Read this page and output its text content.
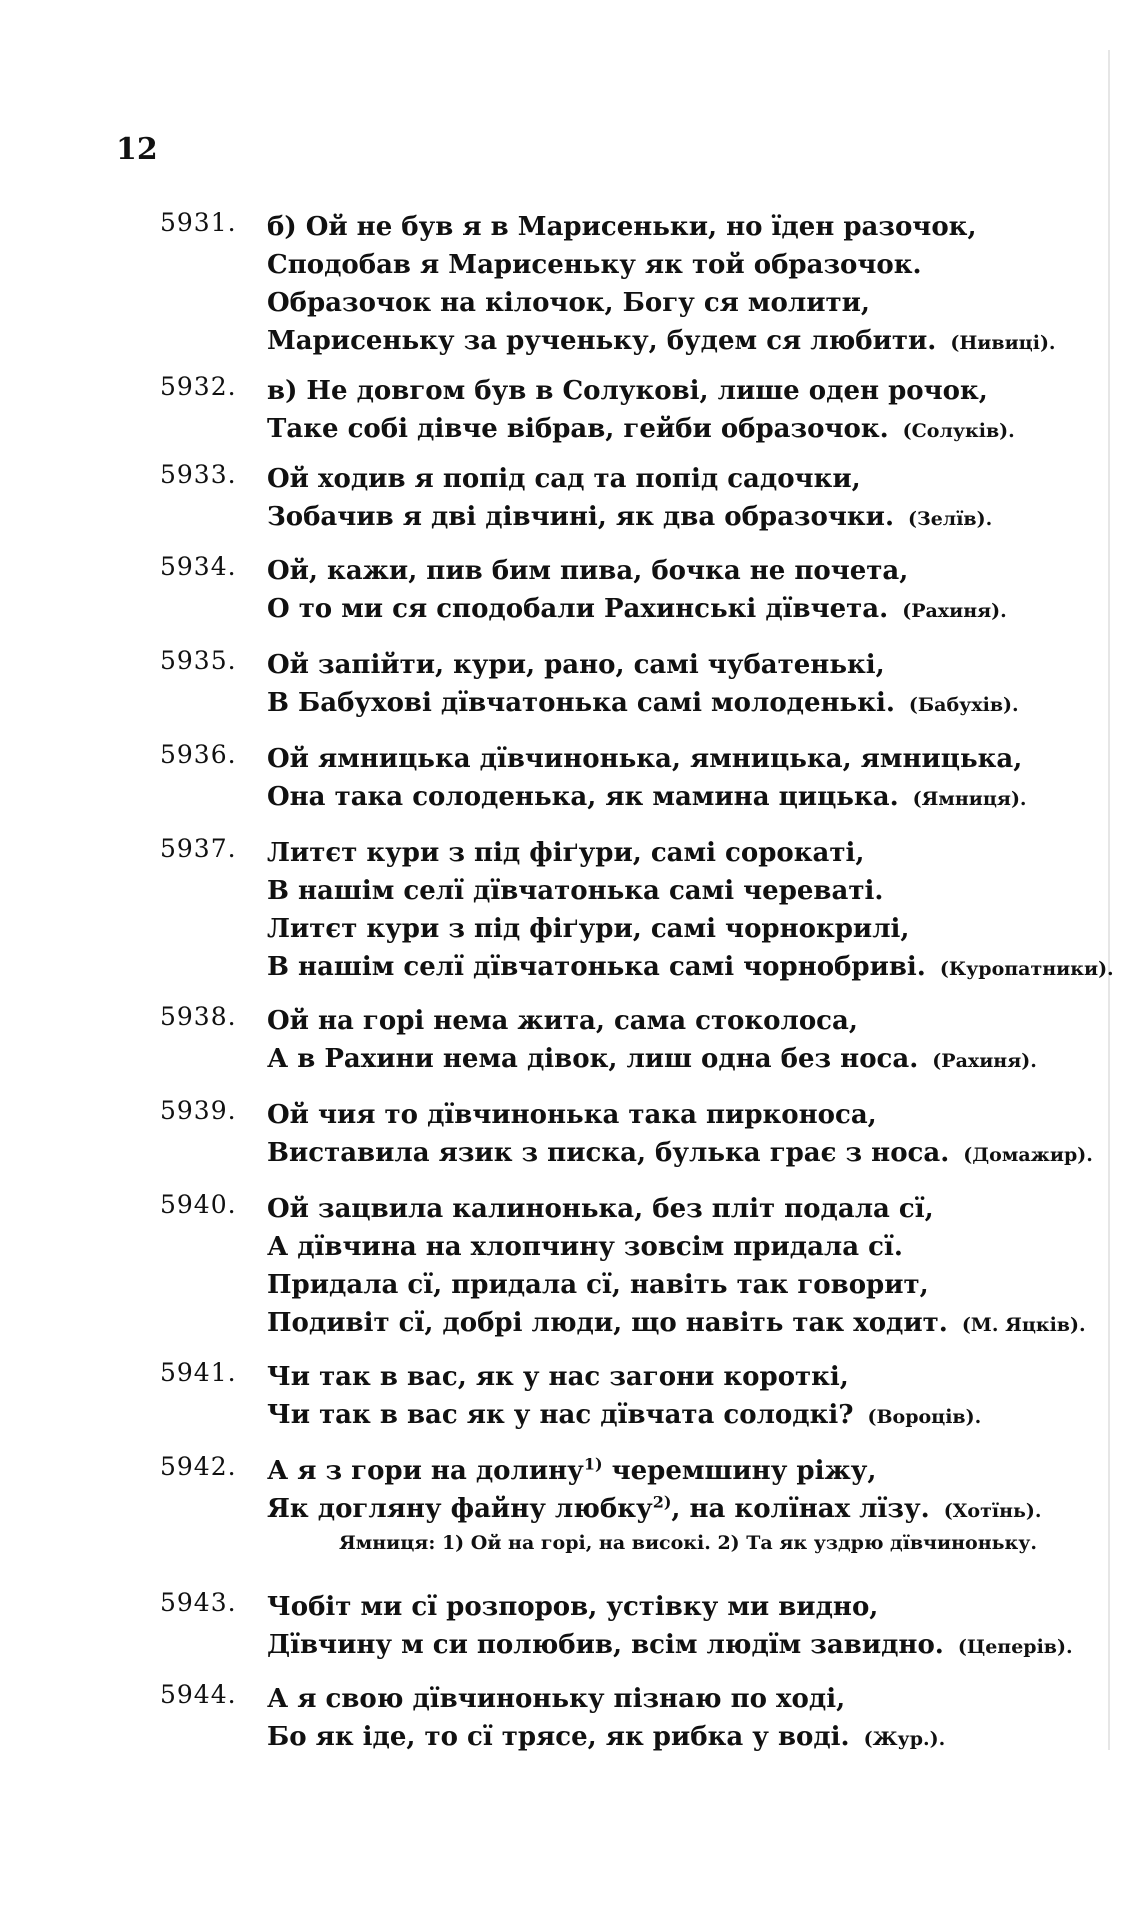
12
5931. б) Ой не був я в Марисеньки, но їден разочок,
Сподобав я Марисеньку як той образочок.
Образочок на кілочок, Богу ся молити,
Марисеньку за рученьку, будем ся любити. (Нивиці).
5932. в) Не довгом був в Солукові, лише оден рочок,
Таке собі дівче вібрав, гейби образочок. (Солуків).
5933. Ой ходив я попід сад та попід садочки,
Зобачив я дві дівчині, як два образочки. (Зелїв).
5934. Ой, кажи, пив бим пива, бочка не почета,
О то ми ся сподобали Рахинські дївчета. (Рахиня).
5935. Ой запійти, кури, рано, самі чубатенькі,
В Бабухові дївчатонька самі молоденькі. (Бабухів).
5936. Ой ямницька дївчинонька, ямницька, ямницька,
Она така солоденька, як мамина цицька. (Ямниця).
5937. Литєт кури з під фіґури, самі сорокаті,
В нашім селї дївчатонька самі череваті.
Литєт кури з під фіґури, самі чорнокрилі,
В нашім селї дївчатонька самі чорнобриві. (Куропатники).
5938. Ой на горі нема жита, сама стоколоса,
А в Рахини нема дівок, лиш одна без носа. (Рахиня).
5939. Ой чия то дївчинонька така пирконоса,
Виставила язик з писка, булька грає з носа. (Домажир).
5940. Ой зацвила калинонька, без пліт подала сї,
А дївчина на хлопчину зовсім придала сї.
Придала сї, придала сї, навіть так говорит,
Подивіт сї, добрі люди, що навіть так ходит. (М. Яцків).
5941. Чи так в вас, як у нас загони короткі,
Чи так в вас як у нас дївчата солодкі? (Вороців).
5942. А я з гори на долину$^{1)}$ черемшину ріжу,
Як догляну файну любку$^{2)}$, на колїнах лїзу. (Хотїнь).
Ямниця: 1) Ой на горі, на високі. 2) Та як уздрю дївчиноньку.
5943. Чобіт ми сї розпоров, устівку ми видно,
Дївчину м си полюбив, всім людїм завидно. (Цеперів).
5944. А я свою дївчиноньку пізнаю по ході,
Бо як іде, то сї трясе, як рибка у воді. (Жур.).
